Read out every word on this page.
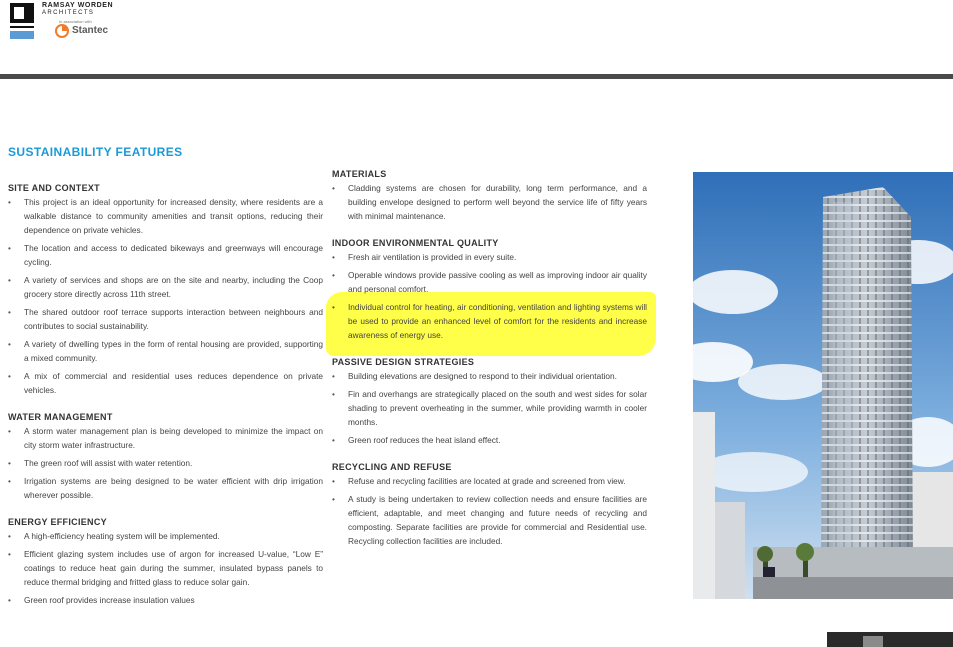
RAMSAY WORDEN
ARCHITECTS
In association with
Stantec
SUSTAINABILITY FEATURES
SITE AND CONTEXT
• This project is an ideal opportunity for increased density, where residents are a walkable distance to community amenities and transit options, reducing their dependence on private vehicles.
• The location and access to dedicated bikeways and greenways will encourage cycling.
• A variety of services and shops are on the site and nearby, including the Coop grocery store directly across 11th street.
• The shared outdoor roof terrace supports interaction between neighbours and contributes to social sustainability.
• A variety of dwelling types in the form of rental housing are provided, supporting a mixed community.
• A mix of commercial and residential uses reduces dependence on private vehicles.
WATER MANAGEMENT
• A storm water management plan is being developed to minimize the impact on city storm water infrastructure.
• The green roof will assist with water retention.
• Irrigation systems are being designed to be water efficient with drip irrigation wherever possible.
ENERGY EFFICIENCY
• A high-efficiency heating system will be implemented.
• Efficient glazing system includes use of argon for increased U-value, “Low E” coatings to reduce heat gain during the summer, insulated bypass panels to reduce thermal bridging and fritted glass to reduce solar gain.
• Green roof provides increase insulation values
MATERIALS
• Cladding systems are chosen for durability, long term performance, and a building envelope designed to perform well beyond the service life of fifty years with minimal maintenance.
INDOOR ENVIRONMENTAL QUALITY
• Fresh air ventilation is provided in every suite.
• Operable windows provide passive cooling as well as improving indoor air quality and personal comfort.
• Individual control for heating, air conditioning, ventilation and lighting systems will be used to provide an enhanced level of comfort for the residents and increase awareness of energy use.
PASSIVE DESIGN STRATEGIES
• Building elevations are designed to respond to their individual orientation.
• Fin and overhangs are strategically placed on the south and west sides for solar shading to prevent overheating in the summer, while providing warmth in cooler months.
• Green roof reduces the heat island effect.
RECYCLING AND REFUSE
• Refuse and recycling facilities are located at grade and screened from view.
• A study is being undertaken to review collection needs and ensure facilities are efficient, adaptable, and meet changing and future needs of recycling and composting. Separate facilities are provide for commercial and Residential use. Recycling collection facilities are included.
